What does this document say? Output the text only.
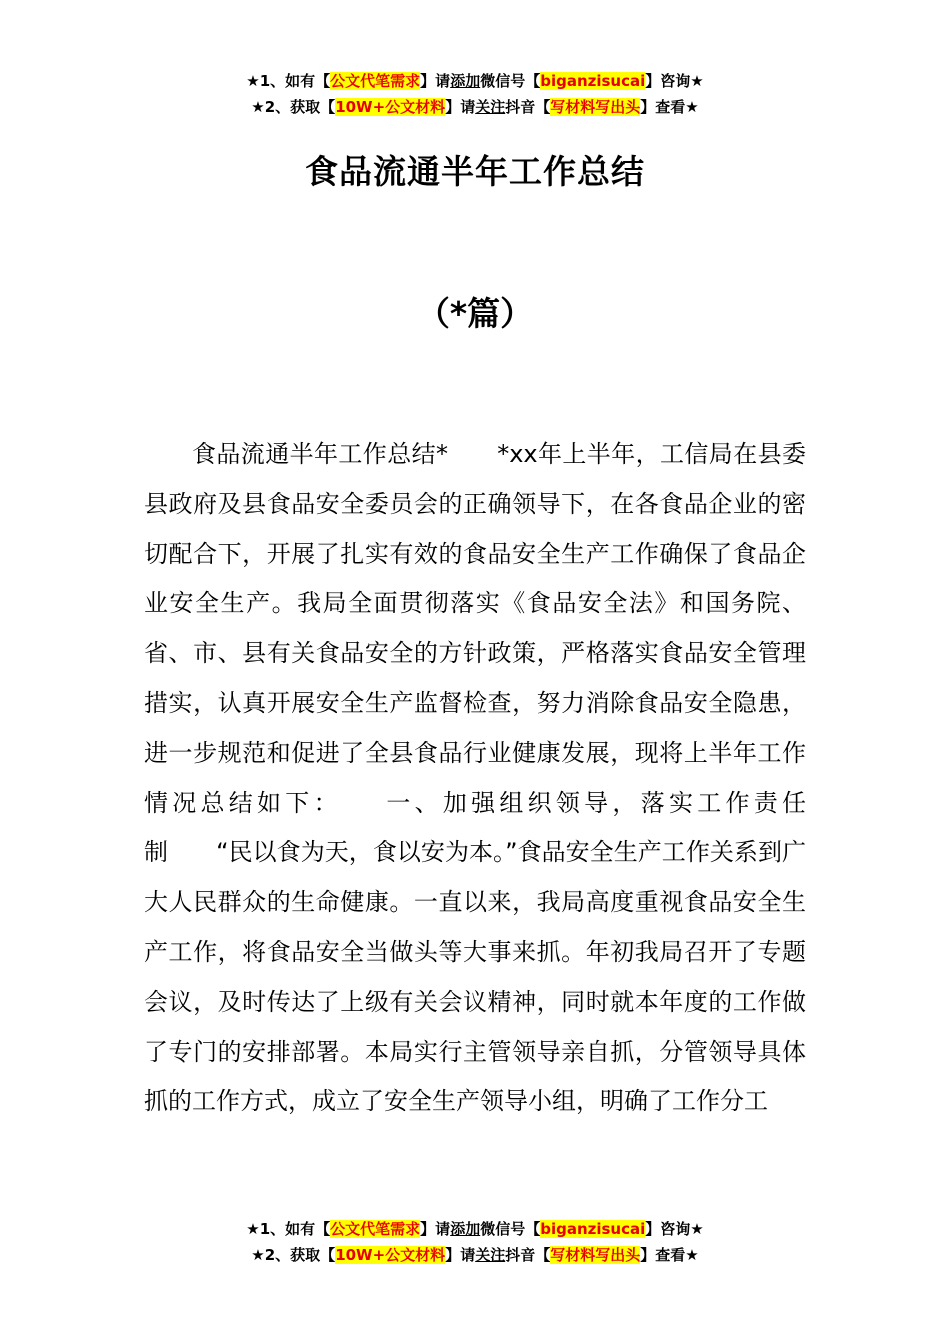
★1、如有【公文代笔需求】请添加微信号【biganzisucai】咨询★
★2、获取【10W+公文材料】请关注抖音【写材料写出头】查看★
食品流通半年工作总结
（*篇）

食品流通半年工作总结*　　*xx年上半年，工信局在县委县政府及县食品安全委员会的正确领导下，在各食品企业的密切配合下，开展了扎实有效的食品安全生产工作确保了食品企业安全生产。我局全面贯彻落实《食品安全法》和国务院、省、市、县有关食品安全的方针政策，严格落实食品安全管理措实，认真开展安全生产监督检查，努力消除食品安全隐患，进一步规范和促进了全县食品行业健康发展，现将上半年工作情况总结如下：　　一、加强组织领导，落实工作责任制　　“民以食为天，食以安为本。”食品安全生产工作关系到广大人民群众的生命健康。一直以来，我局高度重视食品安全生产工作，将食品安全当做头等大事来抓。年初我局召开了专题会议，及时传达了上级有关会议精神，同时就本年度的工作做了专门的安排部署。本局实行主管领导亲自抓，分管领导具体抓的工作方式，成立了安全生产领导小组，明确了工作分工

★1、如有【公文代笔需求】请添加微信号【biganzisucai】咨询★
★2、获取【10W+公文材料】请关注抖音【写材料写出头】查看★
